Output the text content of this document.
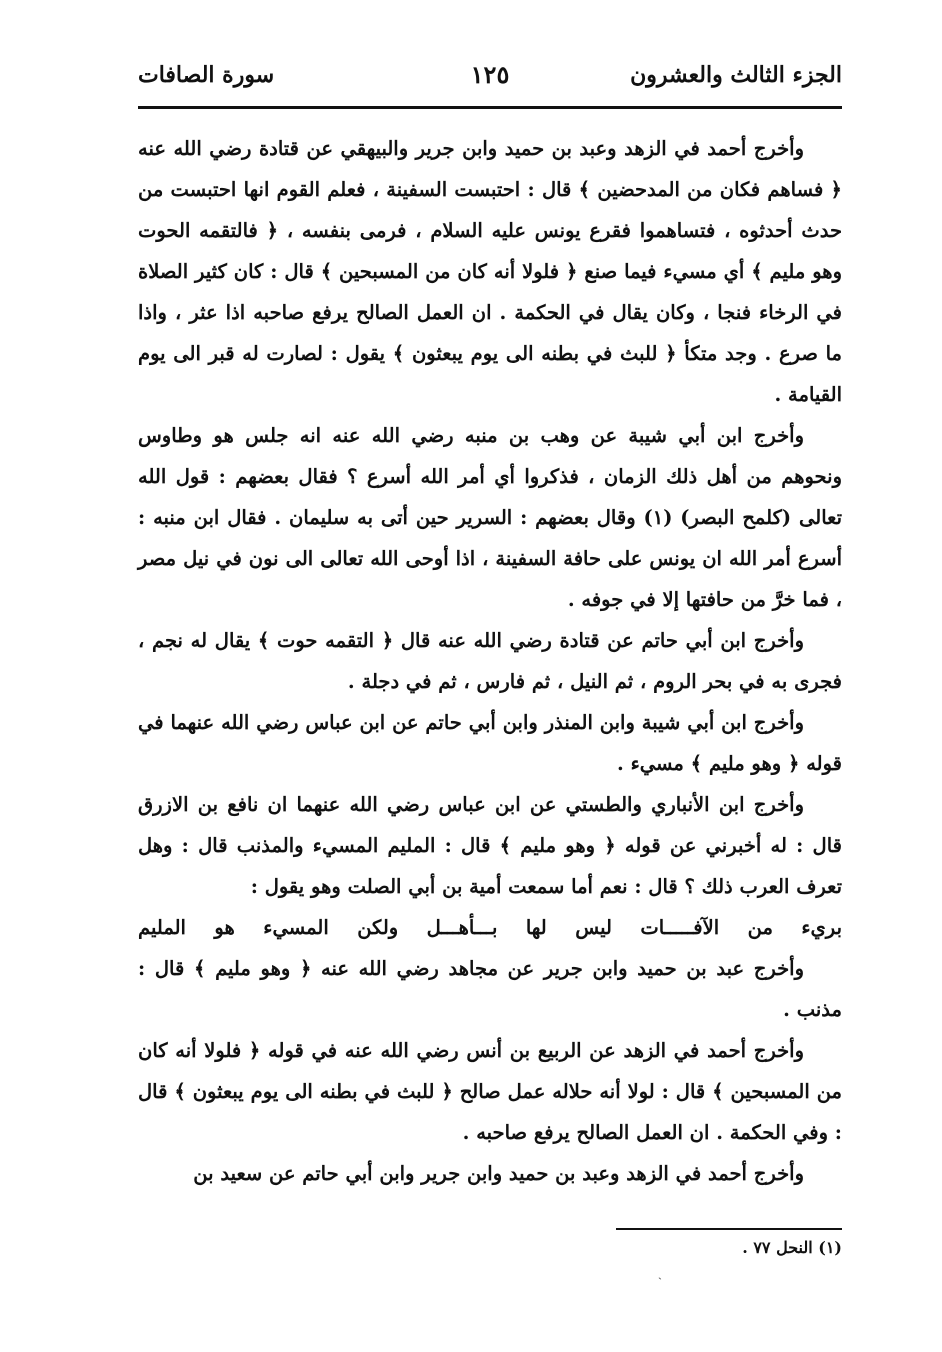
الجزء الثالث والعشرون
١٢٥
سورة الصافات

وأخرج أحمد في الزهد وعبد بن حميد وابن جرير والبيهقي عن قتادة رضي الله عنه ﴿ فساهم فكان من المدحضين ﴾ قال : احتبست السفينة ، فعلم القوم انها احتبست من حدث أحدثوه ، فتساهموا فقرع يونس عليه السلام ، فرمى بنفسه ، ﴿ فالتقمه الحوت وهو مليم ﴾ أي مسيء فيما صنع ﴿ فلولا أنه كان من المسبحين ﴾ قال : كان كثير الصلاة في الرخاء فنجا ، وكان يقال في الحكمة . ان العمل الصالح يرفع صاحبه اذا عثر ، واذا ما صرع . وجد متكأ ﴿ للبث في بطنه الى يوم يبعثون ﴾ يقول : لصارت له قبر الى يوم القيامة .

وأخرج ابن أبي شيبة عن وهب بن منبه رضي الله عنه انه جلس هو وطاوس ونحوهم من أهل ذلك الزمان ، فذكروا أي أمر الله أسرع ؟ فقال بعضهم : قول الله تعالى (كلمح البصر) (١) وقال بعضهم : السرير حين أتى به سليمان . فقال ابن منبه : أسرع أمر الله ان يونس على حافة السفينة ، اذا أوحى الله تعالى الى نون في نيل مصر ، فما خرَّ من حافتها إلا في جوفه .

وأخرج ابن أبي حاتم عن قتادة رضي الله عنه قال ﴿ التقمه حوت ﴾ يقال له نجم ، فجرى به في بحر الروم ، ثم النيل ، ثم فارس ، ثم في دجلة .

وأخرج ابن أبي شيبة وابن المنذر وابن أبي حاتم عن ابن عباس رضي الله عنهما في قوله ﴿ وهو مليم ﴾ مسيء .

وأخرج ابن الأنباري والطستي عن ابن عباس رضي الله عنهما ان نافع بن الازرق قال : له أخبرني عن قوله ﴿ وهو مليم ﴾ قال : المليم المسيء والمذنب قال : وهل تعرف العرب ذلك ؟ قال : نعم أما سمعت أمية بن أبي الصلت وهو يقول :

بريء من الآفـــــات ليس لها بـــأهـــل ولكن المسيء هو المليم

وأخرج عبد بن حميد وابن جرير عن مجاهد رضي الله عنه ﴿ وهو مليم ﴾ قال : مذنب .

وأخرج أحمد في الزهد عن الربيع بن أنس رضي الله عنه في قوله ﴿ فلولا أنه كان من المسبحين ﴾ قال : لولا أنه حلاله عمل صالح ﴿ للبث في بطنه الى يوم يبعثون ﴾ قال : وفي الحكمة . ان العمل الصالح يرفع صاحبه .

وأخرج أحمد في الزهد وعبد بن حميد وابن جرير وابن أبي حاتم عن سعيد بن

(١) النحل ٧٧ .
ˎ
